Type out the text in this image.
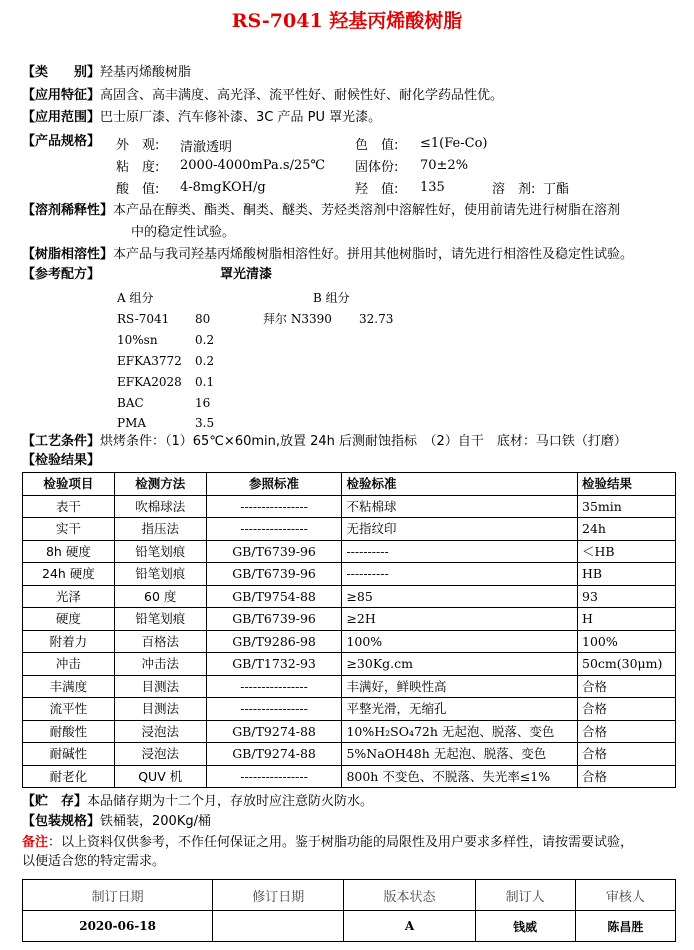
RS-7041 羟基丙烯酸树脂
【类　　别】羟基丙烯酸树脂
【应用特征】高固含、高丰满度、高光泽、流平性好、耐候性好、耐化学药品性优。
【应用范围】巴士原厂漆、汽车修补漆、3C 产品 PU 罩光漆。
【产品规格】 外　观: 清澈透明	色　值: ≤1(Fe-Co)
粘　度: 2000-4000mPa.s/25℃ 固体份: 70±2%
酸　值: 4-8mgKOH/g	羟　值: 135	溶　剂: 丁酯
【溶剂稀释性】本产品在醇类、酯类、酮类、醚类、芳烃类溶剂中溶解性好，使用前请先进行树脂在溶剂
中的稳定性试验。
【树脂相溶性】本产品与我司羟基丙烯酸树脂相溶性好。拼用其他树脂时，请先进行相溶性及稳定性试验。
【参考配方】	罩光清漆
A 组分	B 组分
RS-7041 80	拜尔 N3390 32.73
10%sn	0.2
EFKA3772 0.2
EFKA2028 0.1
BAC	16
PMA	3.5
【工艺条件】烘烤条件：（1）65℃×60min,放置 24h 后测耐蚀指标　（2）自干　底材：马口铁（打磨）
【检验结果】
检验项目	检测方法	参照标准	检验标准	检验结果
表干	吹棉球法	----------------	不粘棉球	35min
实干	指压法	----------------	无指纹印	24h
8h 硬度	铅笔划痕	GB/T6739-96	----------	＜HB
24h 硬度	铅笔划痕	GB/T6739-96	----------	HB
光泽	60 度	GB/T9754-88	≥85	93
硬度	铅笔划痕	GB/T6739-96	≥2H	H
附着力	百格法	GB/T9286-98	100%	100%
冲击	冲击法	GB/T1732-93	≥30Kg.cm	50cm(30μm)
丰满度	目测法	----------------	丰满好，鲜映性高	合格
流平性	目测法	----------------	平整光滑，无缩孔	合格
耐酸性	浸泡法	GB/T9274-88	10%H₂SO₄72h 无起泡、脱落、变色	合格
耐碱性	浸泡法	GB/T9274-88	5%NaOH48h 无起泡、脱落、变色	合格
耐老化	QUV 机	----------------	800h 不变色、不脱落、失光率≤1%	合格
【贮　存】本品储存期为十二个月，存放时应注意防火防水。
【包装规格】铁桶装，200Kg/桶
备注：以上资料仅供参考，不作任何保证之用。鉴于树脂功能的局限性及用户要求多样性，请按需要试验，
以便适合您的特定需求。
制订日期	修订日期	版本状态	制订人	审核人
2020-06-18		A	钱威	陈昌胜
